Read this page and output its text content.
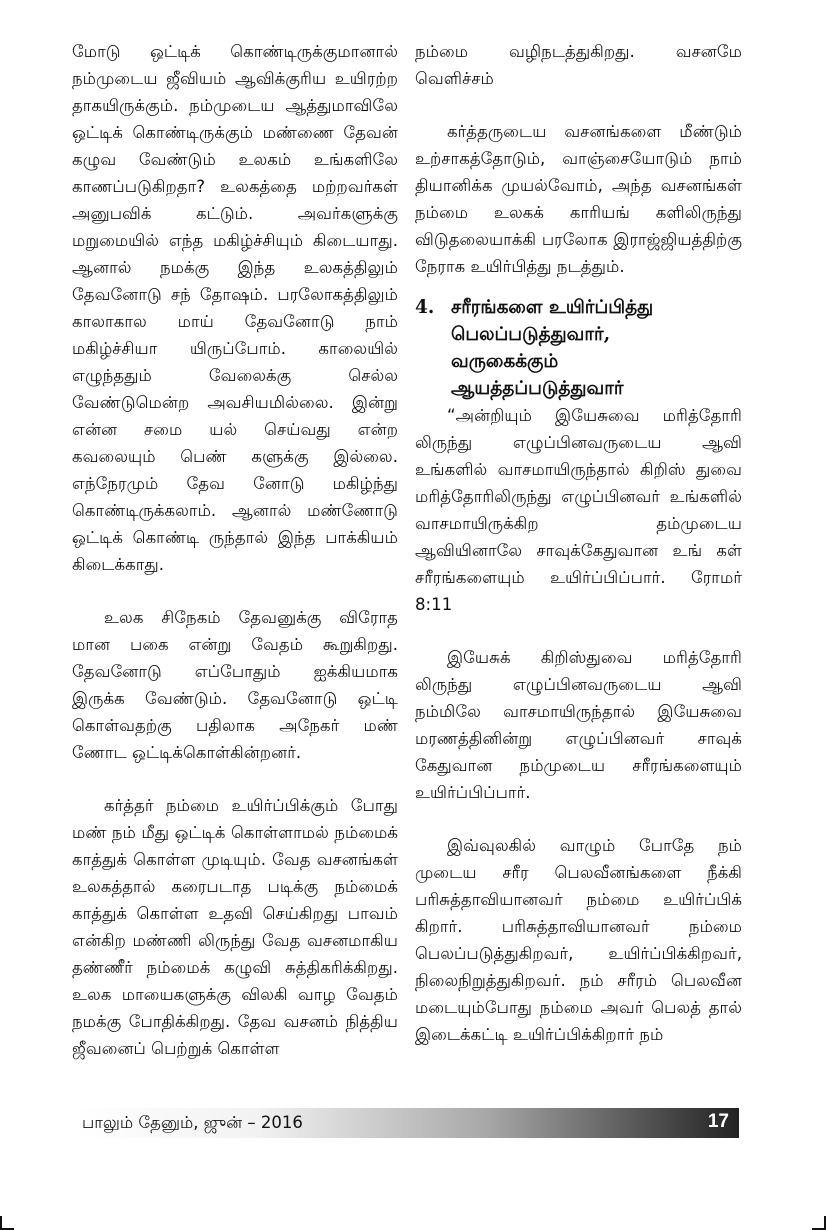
மோடு ஒட்டிக் கொண்டிருக்குமானால் நம்முடைய ஜீவியம் ஆவிக்குரிய உயிரற்ற தாகயிருக்கும். நம்முடைய ஆத்துமாவிலே ஒட்டிக் கொண்டிருக்கும் மண்ணை தேவன் கழுவ வேண்டும் உலகம் உங்களிலே காணப்படுகிறதா? உலகத்தை மற்றவர்கள் அனுபவிக் கட்டும். அவர்களுக்கு மறுமையில் எந்த மகிழ்ச்சியும் கிடையாது. ஆனால் நமக்கு இந்த உலகத்திலும் தேவனோடு சந் தோஷம். பரலோகத்திலும் காலாகால மாய் தேவனோடு நாம் மகிழ்ச்சியா யிருப்போம். காலையில் எழுந்ததும் வேலைக்கு செல்ல வேண்டுமென்ற அவசியமில்லை. இன்று என்ன சமை யல் செய்வது என்ற கவலையும் பெண் களுக்கு இல்லை. எந்நேரமும் தேவ னோடு மகிழ்ந்து கொண்டிருக்கலாம். ஆனால் மண்ணோடு ஒட்டிக் கொண்டி ருந்தால் இந்த பாக்கியம் கிடைக்காது.

உலக சிநேகம் தேவனுக்கு விரோத மான பகை என்று வேதம் கூறுகிறது. தேவனோடு எப்போதும் ஐக்கியமாக இருக்க வேண்டும். தேவனோடு ஒட்டி கொள்வதற்கு பதிலாக அநேகர் மண் ணோட ஒட்டிக்கொள்கின்றனர்.

கர்த்தர் நம்மை உயிர்ப்பிக்கும் போது மண் நம் மீது ஒட்டிக் கொள்ளாமல் நம்மைக் காத்துக் கொள்ள முடியும். வேத வசனங்கள் உலகத்தால் கரைபடாத படிக்கு நம்மைக் காத்துக் கொள்ள உதவி செய்கிறது பாவம் என்கிற மண்ணி லிருந்து வேத வசனமாகிய தண்ணீர் நம்மைக் கழுவி சுத்திகரிக்கிறது. உலக மாயைகளுக்கு விலகி வாழ வேதம் நமக்கு போதிக்கிறது. தேவ வசனம் நித்திய ஜீவனைப் பெற்றுக் கொள்ள

நம்மை வழிநடத்துகிறது. வசனமே வெளிச்சம்

கர்த்தருடைய வசனங்களை மீண்டும் உற்சாகத்தோடும், வாஞ்சையோடும் நாம் தியானிக்க முயல்வோம், அந்த வசனங்கள் நம்மை உலகக் காரியங் களிலிருந்து விடுதலையாக்கி பரலோக இராஜ்ஜியத்திற்கு நேராக உயிர்பித்து நடத்தும்.

4. சரீரங்களை உயிர்ப்பித்து
பெலப்படுத்துவார்,
வருகைக்கும்
ஆயத்தப்படுத்துவார்

“அன்றியும் இயேசுவை மரித்தோரி லிருந்து எழுப்பினவருடைய ஆவி உங்களில் வாசமாயிருந்தால் கிறிஸ் துவை மரித்தோரிலிருந்து எழுப்பினவர் உங்களில் வாசமாயிருக்கிற தம்முடைய ஆவியினாலே சாவுக்கேதுவான உங் கள் சரீரங்களையும் உயிர்ப்பிப்பார். ரோமர் 8:11

இயேசுக் கிறிஸ்துவை மரித்தோரி லிருந்து எழுப்பினவருடைய ஆவி நம்மிலே வாசமாயிருந்தால் இயேசுவை மரணத்தினின்று எழுப்பினவர் சாவுக் கேதுவான நம்முடைய சரீரங்களையும் உயிர்ப்பிப்பார்.

இவ்வுலகில் வாழும் போதே நம் முடைய சரீர பெலவீனங்களை நீக்கி பரிசுத்தாவியானவர் நம்மை உயிர்ப்பிக் கிறார். பரிசுத்தாவியானவர் நம்மை பெலப்படுத்துகிறவர், உயிர்ப்பிக்கிறவர், நிலைநிறுத்துகிறவர். நம் சரீரம் பெலவீன மடையும்போது நம்மை அவர் பெலத் தால் இடைக்கட்டி உயிர்ப்பிக்கிறார் நம்

பாலும் தேனும், ஜுன் – 2016	17
